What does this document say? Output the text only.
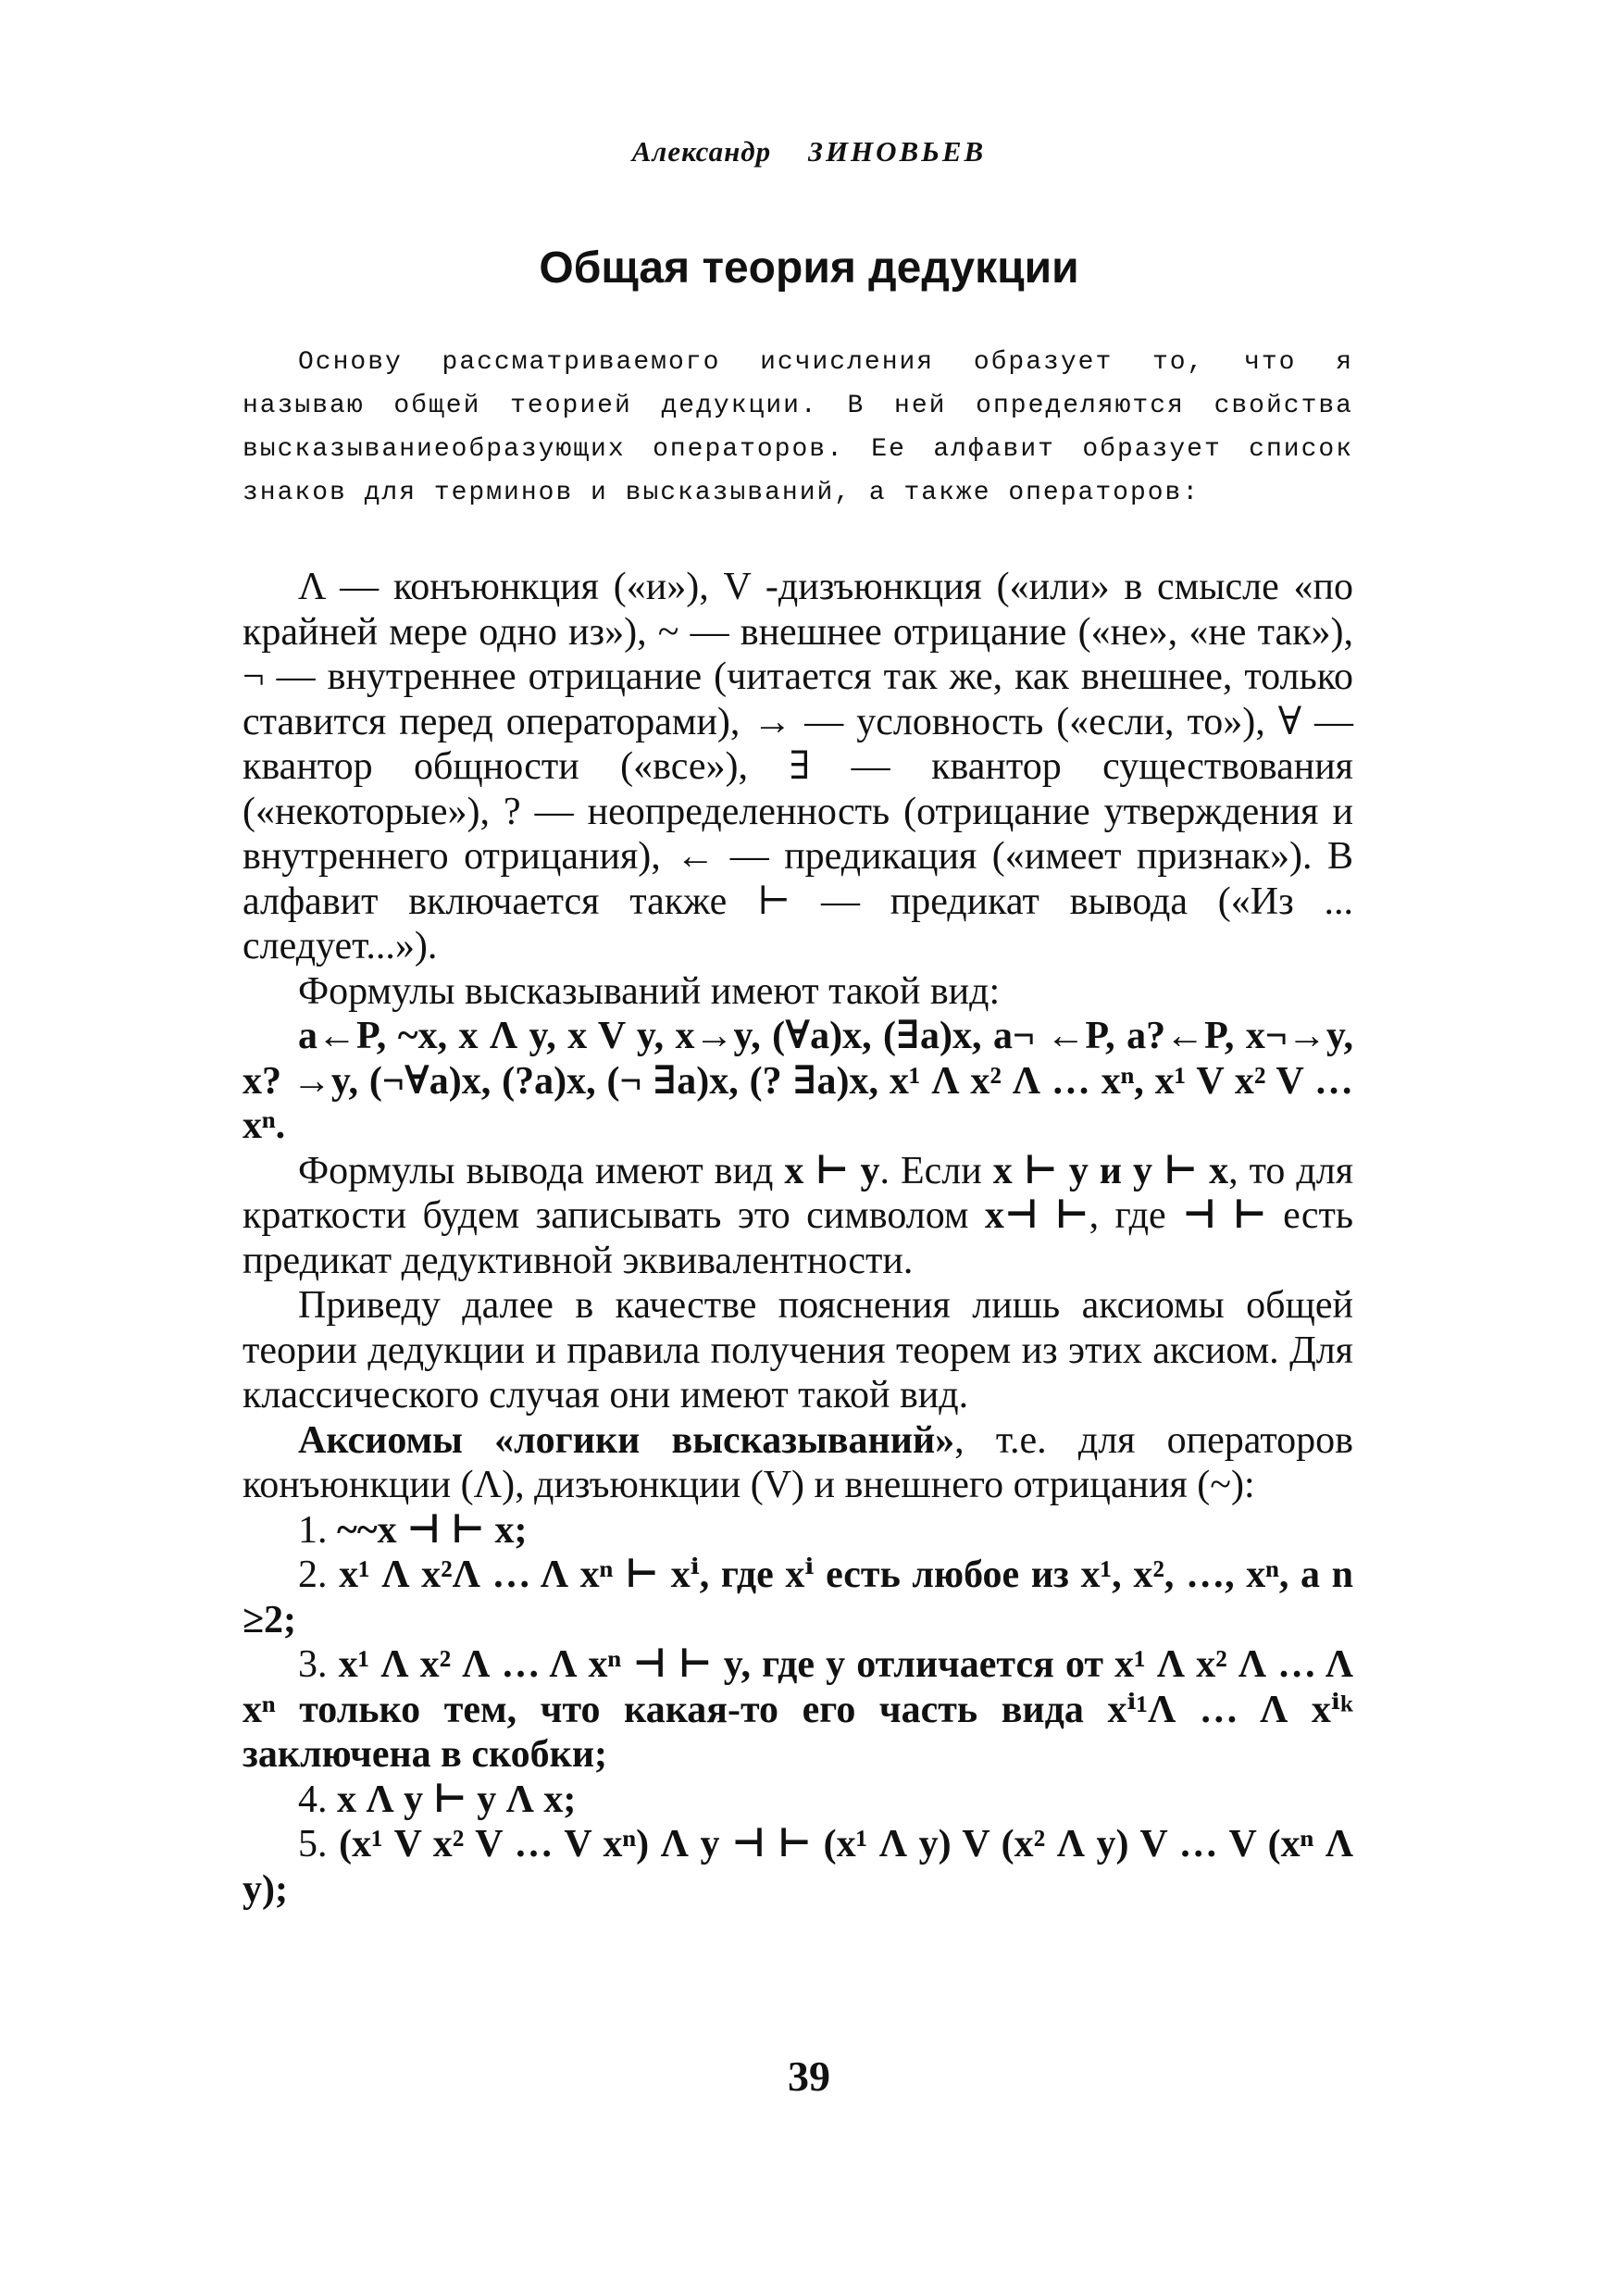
Александр ЗИНОВЬЕВ
Общая теория дедукции

Основу рассматриваемого исчисления образует то, что я называю общей теорией дедукции. В ней определяются свойства высказываниеобразующих операторов. Ее алфавит образует список знаков для терминов и высказываний, а также операторов:

Λ — конъюнкция («и»), V -дизъюнкция («или» в смысле «по крайней мере одно из»), ~ — внешнее отрицание («не», «не так»), ¬ — внутреннее отрицание (читается так же, как внешнее, только ставится перед операторами), → — условность («если, то»), ∀ — квантор общности («все»), ∃ — квантор существования («некоторые»), ? — неопределенность (отрицание утверждения и внутреннего отрицания), ← — предикация («имеет признак»). В алфавит включается также ⊢ — предикат вывода («Из ... следует...»).

Формулы высказываний имеют такой вид:

a←P, ~x, x Λ y, x V y, x→y, (∀a)x, (∃a)x, a¬ ←P, a?←P, x¬→y, x? →y, (¬∀a)x, (?a)x, (¬ ∃a)x, (? ∃a)x, x¹ Λ x² Λ … xⁿ, x¹ V x² V … xⁿ.

Формулы вывода имеют вид x ⊢ y. Если x ⊢ y и y ⊢ x, то для краткости будем записывать это символом x⊣ ⊢, где ⊣ ⊢ есть предикат дедуктивной эквивалентности.

Приведу далее в качестве пояснения лишь аксиомы общей теории дедукции и правила получения теорем из этих аксиом. Для классического случая они имеют такой вид.

Аксиомы «логики высказываний», т.е. для операторов конъюнкции (Λ), дизъюнкции (V) и внешнего отрицания (~):

1. ~~x ⊣ ⊢ x;

2. x¹ Λ x²Λ … Λ xⁿ ⊢ xⁱ, где xⁱ есть любое из x¹, x², …, xⁿ, а n ≥2;

3. x¹ Λ x² Λ … Λ xⁿ ⊣ ⊢ y, где y отличается от x¹ Λ x² Λ … Λ xⁿ только тем, что какая-то его часть вида xⁱ¹Λ … Λ xⁱᵏ заключена в скобки;

4. x Λ y ⊢ y Λ x;

5. (x¹ V x² V … V xⁿ) Λ y ⊣ ⊢ (x¹ Λ y) V (x² Λ y) V … V (xⁿ Λ y);

39
